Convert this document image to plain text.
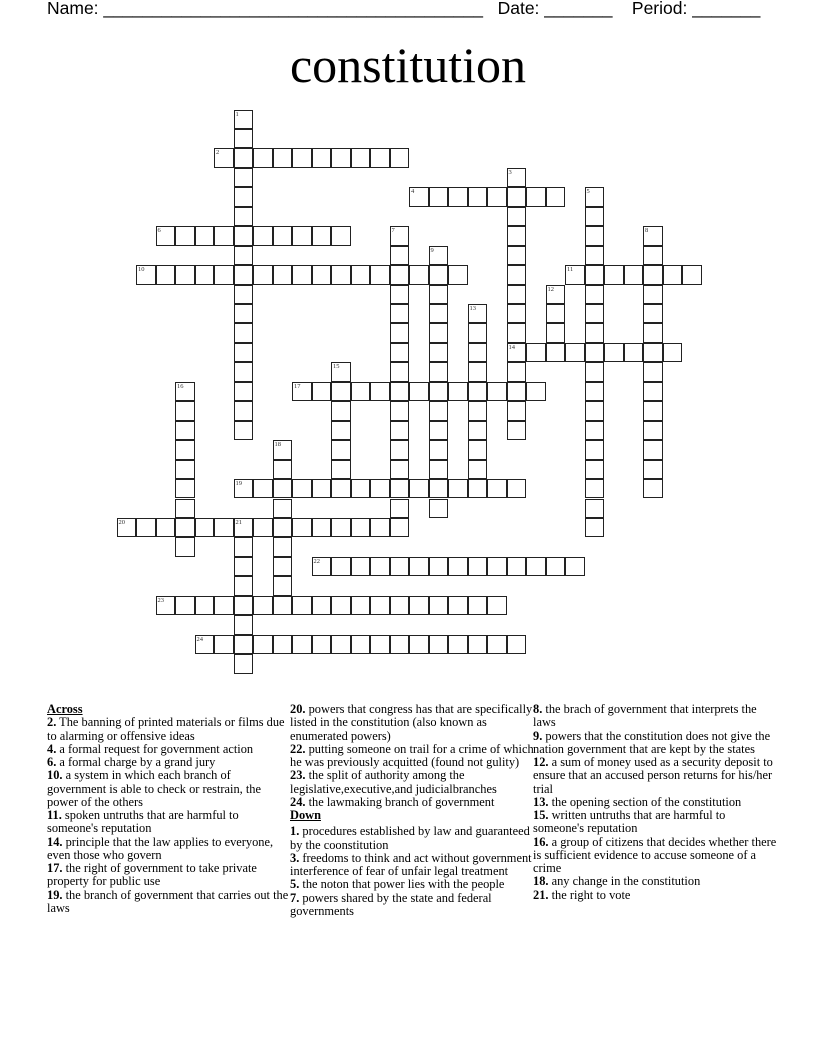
Name: _______________________________________ Date: _______ Period: _______
constitution
1
2
3
14
4	5
6	7	8
9
10	11
12
13
15
16	17
18
19
20	21
22
23
24
Across
2. The banning of printed materials or films due to alarming or offensive ideas
4. a formal request for government action
6. a formal charge by a grand jury
10. a system in which each branch of government is able to check or restrain, the power of the others
11. spoken untruths that are harmful to someone's reputation
14. principle that the law applies to everyone, even those who govern
17. the right of government to take private property for public use
19. the branch of government that carries out the laws
20. powers that congress has that are specifically listed in the constitution (also known as enumerated powers)
22. putting someone on trail for a crime of which he was previously acquitted (found not gulity)
23. the split of authority among the legislative,executive,and judicialbranches
24. the lawmaking branch of government
Down
1. procedures established by law and guaranteed by the coonstitution
3. freedoms to think and act without government interference of fear of unfair legal treatment
5. the noton that power lies with the people
7. powers shared by the state and federal governments
8. the brach of government that interprets the laws
9. powers that the constitution does not give the nation government that are kept by the states
12. a sum of money used as a security deposit to ensure that an accused person returns for his/her trial
13. the opening section of the constitution
15. written untruths that are harmful to someone's reputation
16. a group of citizens that decides whether there is sufficient evidence to accuse someone of a crime
18. any change in the constitution
21. the right to vote
